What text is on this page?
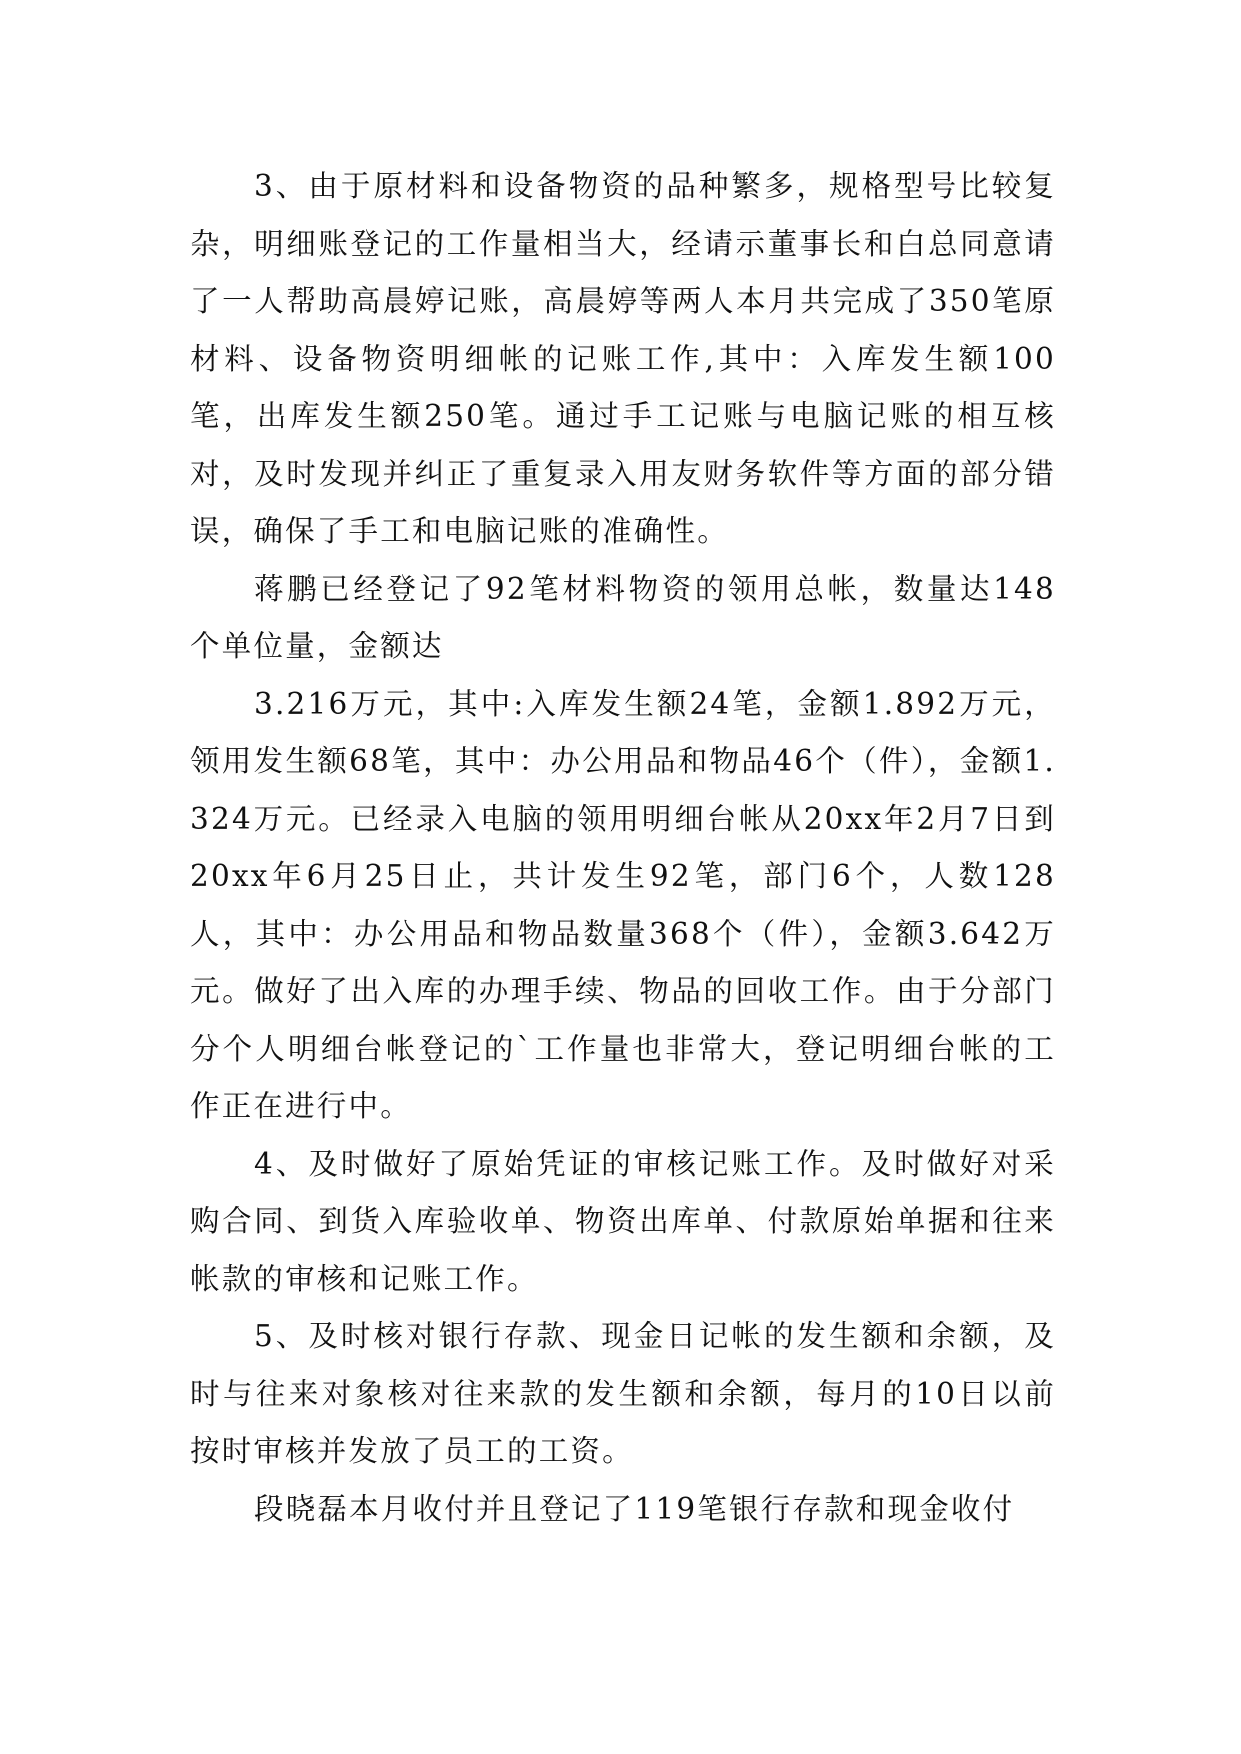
3、由于原材料和设备物资的品种繁多，规格型号比较复杂，明细账登记的工作量相当大，经请示董事长和白总同意请了一人帮助高晨婷记账，高晨婷等两人本月共完成了350笔原材料、设备物资明细帐的记账工作,其中：入库发生额100笔，出库发生额250笔。通过手工记账与电脑记账的相互核对，及时发现并纠正了重复录入用友财务软件等方面的部分错误，确保了手工和电脑记账的准确性。

蒋鹏已经登记了92笔材料物资的领用总帐，数量达148个单位量，金额达

3.216万元，其中:入库发生额24笔，金额1.892万元，领用发生额68笔，其中：办公用品和物品46个（件），金额1.324万元。已经录入电脑的领用明细台帐从20xx年2月7日到20xx年6月25日止，共计发生92笔，部门6个，人数128人，其中：办公用品和物品数量368个（件），金额3.642万元。做好了出入库的办理手续、物品的回收工作。由于分部门分个人明细台帐登记的`工作量也非常大，登记明细台帐的工作正在进行中。

4、及时做好了原始凭证的审核记账工作。及时做好对采购合同、到货入库验收单、物资出库单、付款原始单据和往来帐款的审核和记账工作。

5、及时核对银行存款、现金日记帐的发生额和余额，及时与往来对象核对往来款的发生额和余额，每月的10日以前按时审核并发放了员工的工资。

段晓磊本月收付并且登记了119笔银行存款和现金收付
